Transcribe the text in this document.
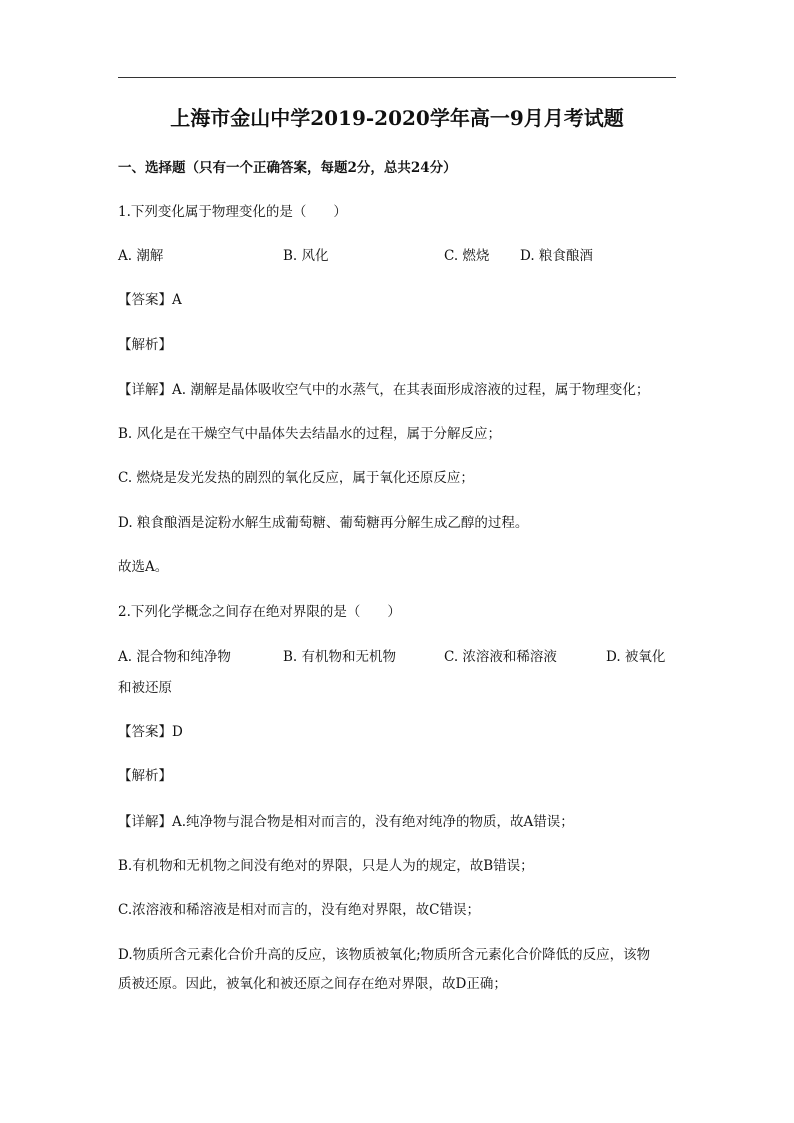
上海市金山中学2019-2020学年高一9月月考试题
一、选择题（只有一个正确答案，每题2分，总共24分）
1.下列变化属于物理变化的是（　　）
A. 潮解	B. 风化	C. 燃烧 D. 粮食酿酒
【答案】A
【解析】
【详解】A. 潮解是晶体吸收空气中的水蒸气，在其表面形成溶液的过程，属于物理变化；
B. 风化是在干燥空气中晶体失去结晶水的过程，属于分解反应；
C. 燃烧是发光发热的剧烈的氧化反应，属于氧化还原反应；
D. 粮食酿酒是淀粉水解生成葡萄糖、葡萄糖再分解生成乙醇的过程。
故选A。
2.下列化学概念之间存在绝对界限的是（　　）
A. 混合物和纯净物	B. 有机物和无机物	C. 浓溶液和稀溶液	D. 被氧化
和被还原
【答案】D
【解析】
【详解】A.纯净物与混合物是相对而言的，没有绝对纯净的物质，故A错误；
B.有机物和无机物之间没有绝对的界限，只是人为的规定，故B错误；
C.浓溶液和稀溶液是相对而言的，没有绝对界限，故C错误；
D.物质所含元素化合价升高的反应，该物质被氧化;物质所含元素化合价降低的反应，该物
质被还原。因此，被氧化和被还原之间存在绝对界限，故D正确；
